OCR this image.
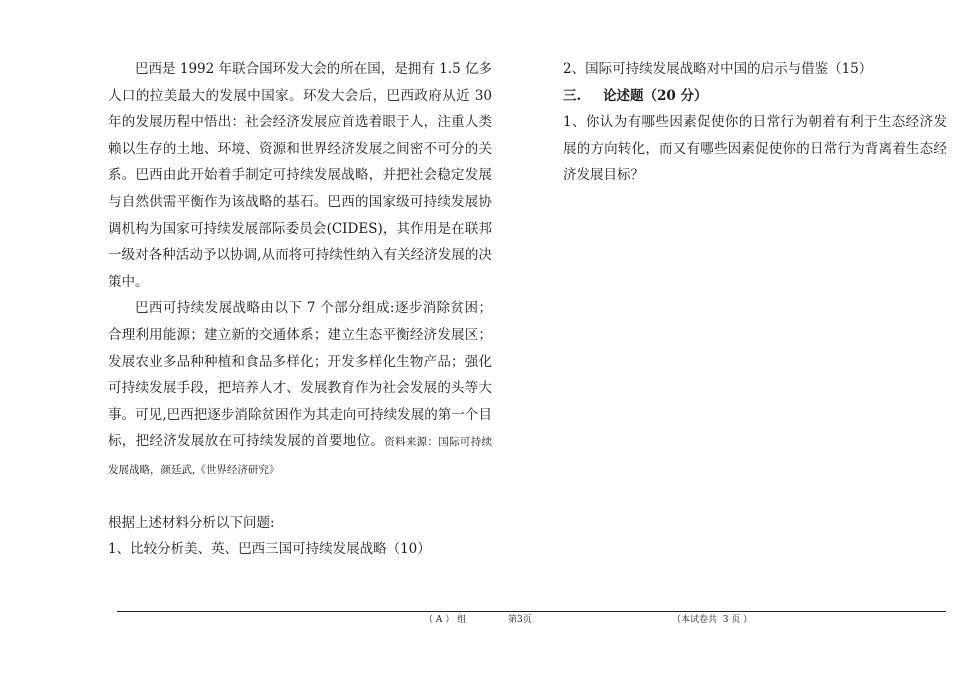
巴西是 1992 年联合国环发大会的所在国，是拥有 1.5 亿多人口的拉美最大的发展中国家。环发大会后，巴西政府从近 30 年的发展历程中悟出：社会经济发展应首选着眼于人，注重人类赖以生存的土地、环境、资源和世界经济发展之间密不可分的关系。巴西由此开始着手制定可持续发展战略，并把社会稳定发展与自然供需平衡作为该战略的基石。巴西的国家级可持续发展协调机构为国家可持续发展部际委员会(CIDES)，其作用是在联邦一级对各种活动予以协调,从而将可持续性纳入有关经济发展的决策中。

巴西可持续发展战略由以下 7 个部分组成:逐步消除贫困；合理利用能源；建立新的交通体系；建立生态平衡经济发展区；发展农业多品种种植和食品多样化；开发多样化生物产品；强化可持续发展手段，把培养人才、发展教育作为社会发展的头等大事。可见,巴西把逐步消除贫困作为其走向可持续发展的第一个目标，把经济发展放在可持续发展的首要地位。资料来源：国际可持续发展战略，颜廷武,《世界经济研究》

根据上述材料分析以下问题:

1、比较分析美、英、巴西三国可持续发展战略（10）

2、国际可持续发展战略对中国的启示与借鉴（15）

三. 论述题（20 分）

1、你认为有哪些因素促使你的日常行为朝着有利于生态经济发展的方向转化，而又有哪些因素促使你的日常行为背离着生态经济发展目标？

（ A ） 组	第3页	（本试卷共  3 页 ）
